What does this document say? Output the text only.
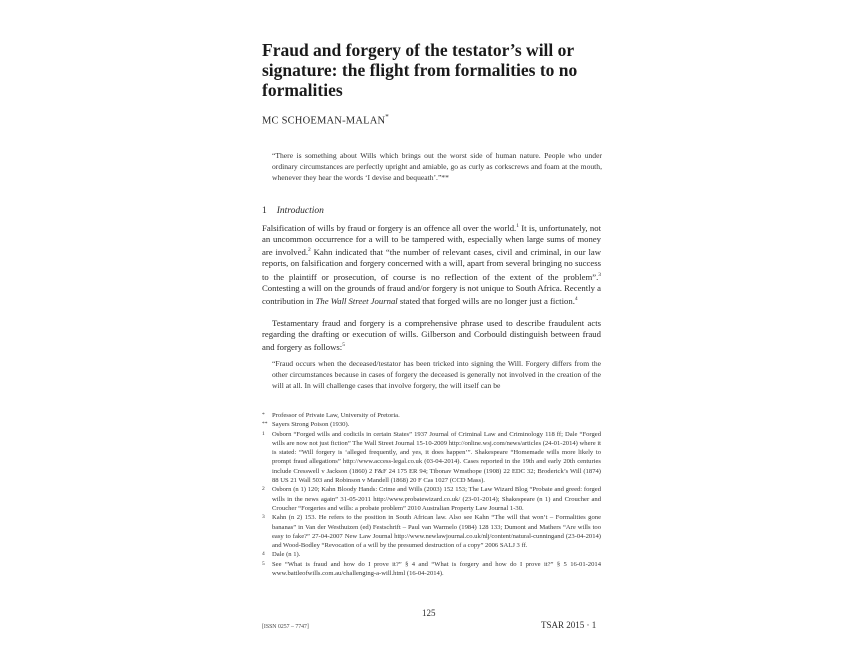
Fraud and forgery of the testator’s will or signature: the flight from formalities to no formalities
MC SCHOEMAN-MALAN*

“There is something about Wills which brings out the worst side of human nature. People who under ordinary circumstances are perfectly upright and amiable, go as curly as corkscrews and foam at the mouth, whenever they hear the words ‘I devise and bequeath’.”**

1 Introduction

Falsification of wills by fraud or forgery is an offence all over the world.$^1$ It is, unfortunately, not an uncommon occurrence for a will to be tampered with, especially when large sums of money are involved.$^2$ Kahn indicated that “the number of relevant cases, civil and criminal, in our law reports, on falsification and forgery concerned with a will, apart from several bringing no success to the plaintiff or prosecution, of course is no reflection of the extent of the problem”.$^3$ Contesting a will on the grounds of fraud and/or forgery is not unique to South Africa. Recently a contribution in The Wall Street Journal stated that forged wills are no longer just a fiction.$^4$

Testamentary fraud and forgery is a comprehensive phrase used to describe fraudulent acts regarding the drafting or execution of wills. Gilberson and Corbould distinguish between fraud and forgery as follows:$^5$

“Fraud occurs when the deceased/testator has been tricked into signing the Will. Forgery differs from the other circumstances because in cases of forgery the deceased is generally not involved in the creation of the will at all. In will challenge cases that involve forgery, the will itself can be

* Professor of Private Law, University of Pretoria.
** Sayers Strong Poison (1930).
1 Osborn “Forged wills and codicils in certain States” 1937 Journal of Criminal Law and Criminology 118 ff; Dale “Forged wills are now not just fiction” The Wall Street Journal 15-10-2009 http://online.wsj.com/news/articles (24-01-2014) where it is stated: “Will forgery is ‘alleged frequently, and yes, it does happen’”. Shakespeare “Homemade wills more likely to prompt fraud allegations” http://www.access-legal.co.uk (03-04-2014). Cases reported in the 19th and early 20th centuries include Cresswell v Jackson (1860) 2 F&F 24 175 ER 94; Tibonav Wmsthope (1908) 22 EDC 32; Broderick’s Will (1874) 88 US 21 Wall 503 and Robinson v Mandell (1868) 20 F Cas 1027 (CCD Mass).
2 Osborn (n 1) 120; Kahn Bloody Hands: Crime and Wills (2003) 152 153; The Law Wizard Blog “Probate and greed: forged wills in the news again” 31-05-2011 http://www.probatewizard.co.uk/ (23-01-2014); Shakespeare (n 1) and Croucher and Croucher “Forgeries and wills: a probate problem” 2010 Australian Property Law Journal 1-30.
3 Kahn (n 2) 153. He refers to the position in South African law. Also see Kahn “The will that won’t – Formalities gone bananas” in Van der Westhuizen (ed) Festschrift – Paul van Warmelo (1984) 128 133; Dumont and Mathers “Are wills too easy to fake?” 27-04-2007 New Law Journal http://www.newlawjournal.co.uk/nlj/content/natural-cunningand (23-04-2014) and Wood-Bodley “Revocation of a will by the presumed destruction of a copy” 2006 SALJ 3 ff.
4 Dale (n 1).
5 See “What is fraud and how do I prove it?” § 4 and “What is forgery and how do I prove it?” § 5 16-01-2014 www.battleofwills.com.au/challenging-a-will.html (16-04-2014).
125
[ISSN 0257 – 7747]	TSAR 2015 · 1
